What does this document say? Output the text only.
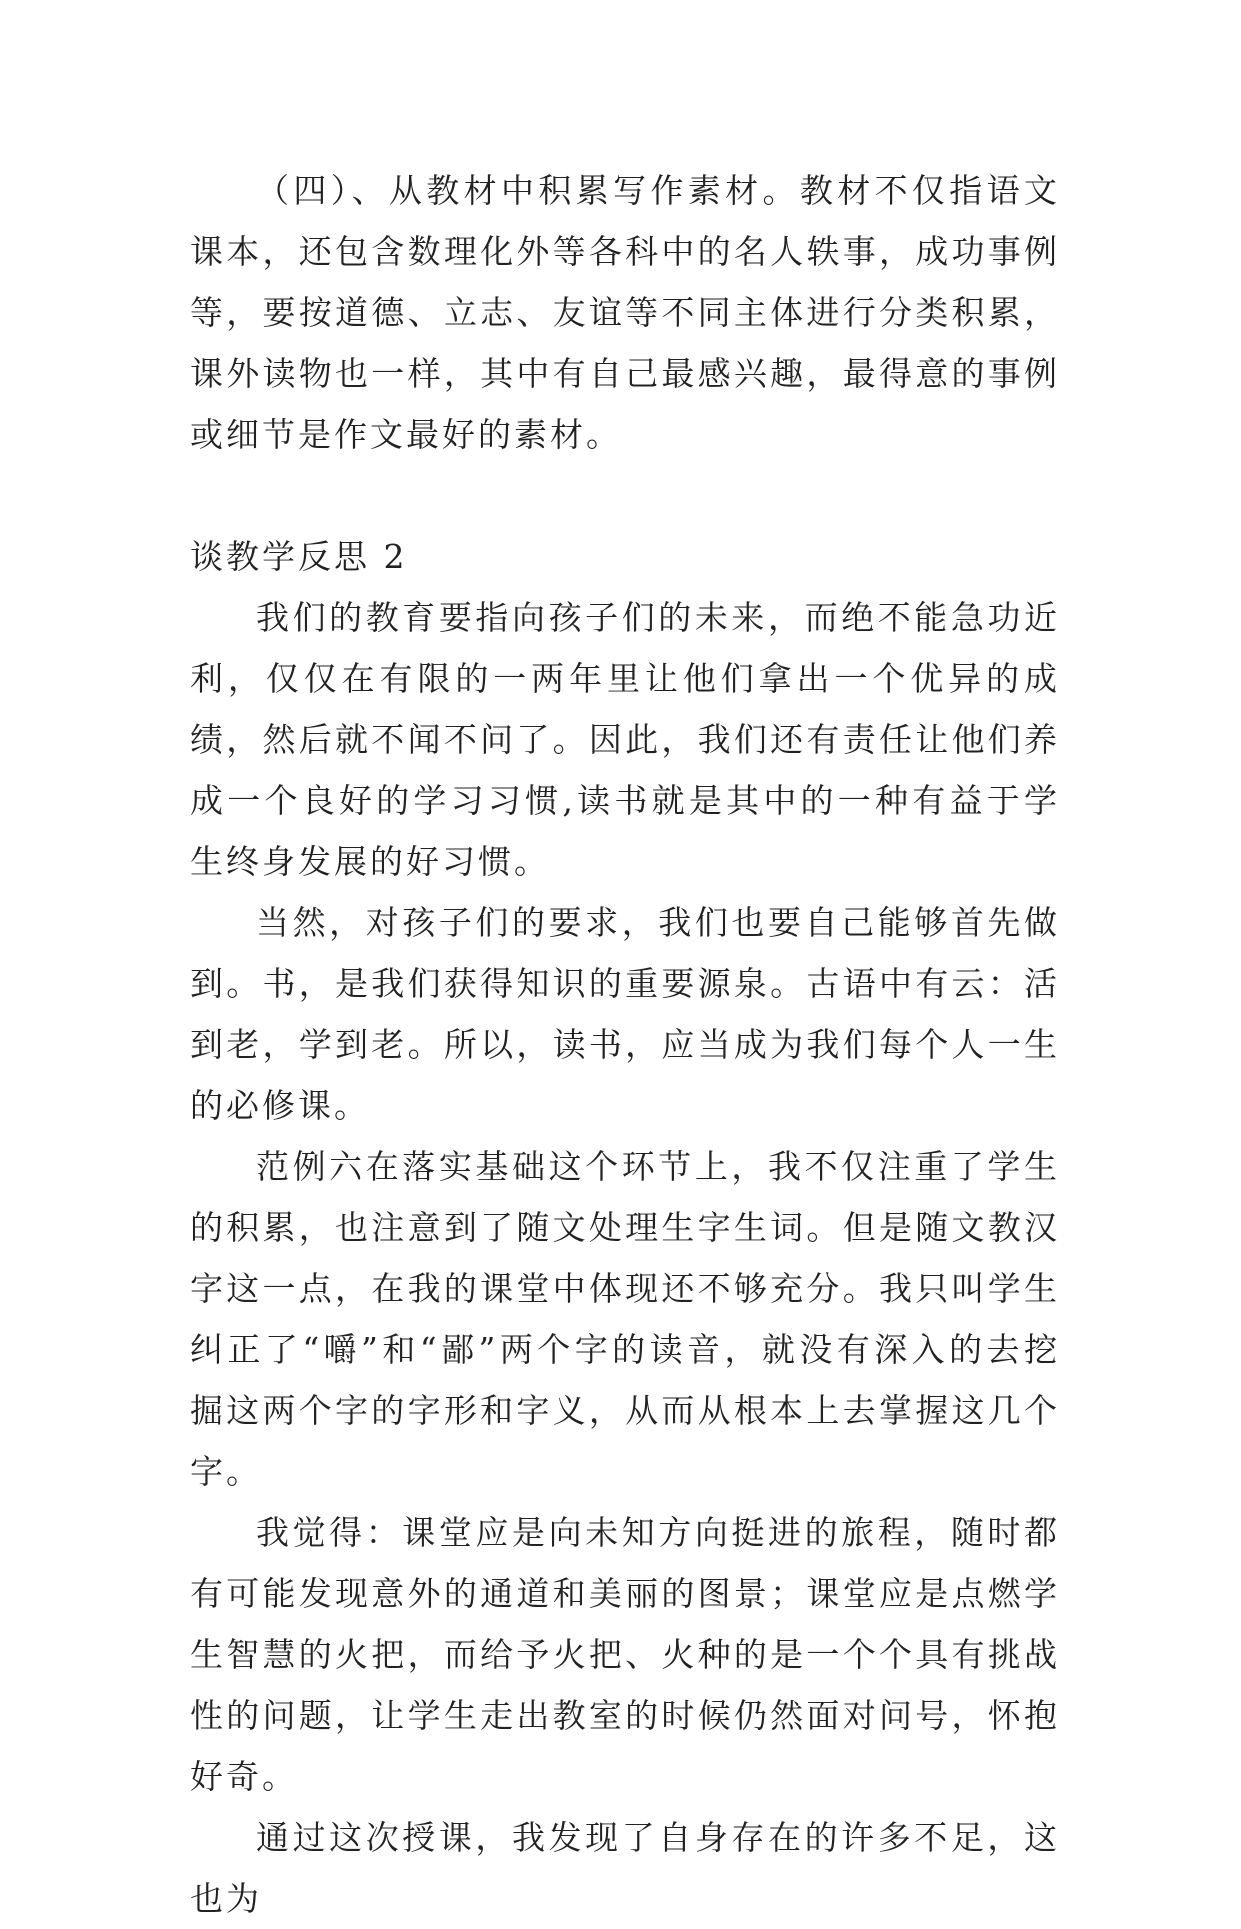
（四）、从教材中积累写作素材。教材不仅指语文课本，还包含数理化外等各科中的名人轶事，成功事例等，要按道德、立志、友谊等不同主体进行分类积累，课外读物也一样，其中有自己最感兴趣，最得意的事例或细节是作文最好的素材。

谈教学反思 2

我们的教育要指向孩子们的未来，而绝不能急功近利，仅仅在有限的一两年里让他们拿出一个优异的成绩，然后就不闻不问了。因此，我们还有责任让他们养成一个良好的学习习惯,读书就是其中的一种有益于学生终身发展的好习惯。

当然，对孩子们的要求，我们也要自己能够首先做到。书，是我们获得知识的重要源泉。古语中有云：活到老，学到老。所以，读书，应当成为我们每个人一生的必修课。

范例六在落实基础这个环节上，我不仅注重了学生的积累，也注意到了随文处理生字生词。但是随文教汉字这一点，在我的课堂中体现还不够充分。我只叫学生纠正了“嚼”和“鄙”两个字的读音，就没有深入的去挖掘这两个字的字形和字义，从而从根本上去掌握这几个字。

我觉得：课堂应是向未知方向挺进的旅程，随时都有可能发现意外的通道和美丽的图景；课堂应是点燃学生智慧的火把，而给予火把、火种的是一个个具有挑战性的问题，让学生走出教室的时候仍然面对问号，怀抱好奇。

通过这次授课，我发现了自身存在的许多不足，这也为
